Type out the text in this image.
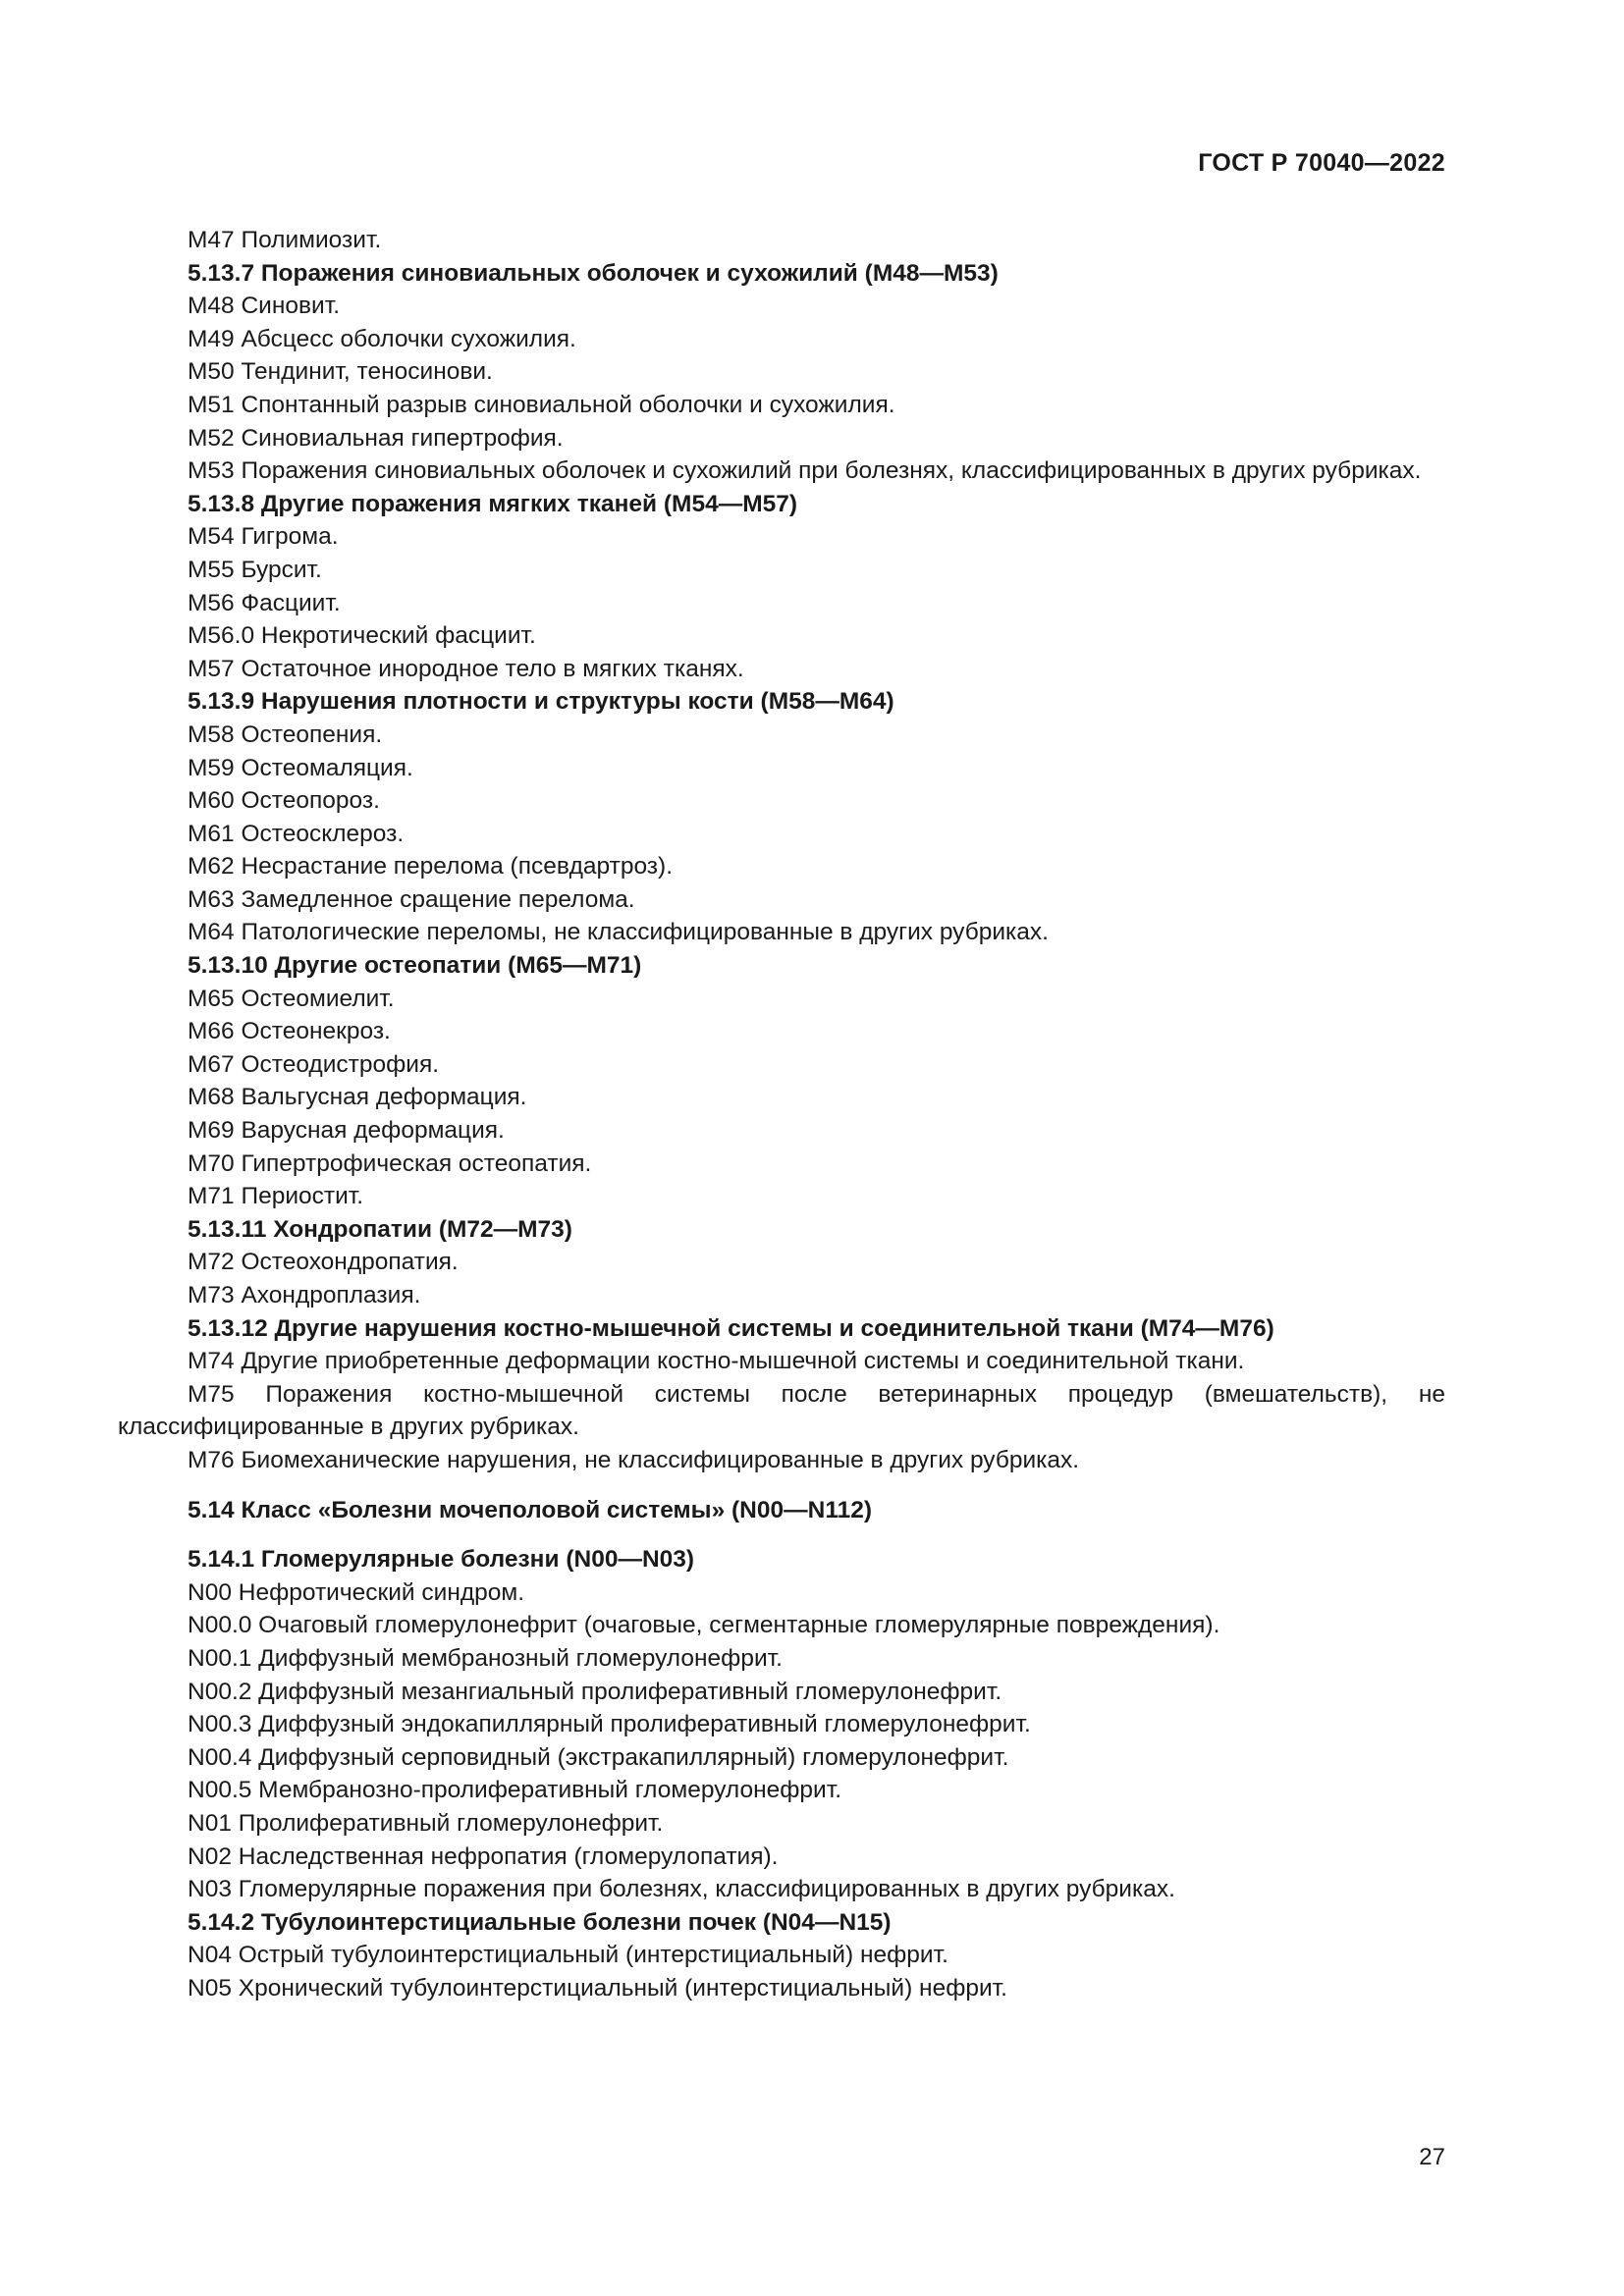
ГОСТ Р 70040—2022

M47 Полимиозит.

5.13.7 Поражения синовиальных оболочек и сухожилий (M48—M53)

M48 Синовит.

M49 Абсцесс оболочки сухожилия.

M50 Тендинит, теносинови.

M51 Спонтанный разрыв синовиальной оболочки и сухожилия.

M52 Синовиальная гипертрофия.

M53 Поражения синовиальных оболочек и сухожилий при болезнях, классифицированных в других рубриках.

5.13.8 Другие поражения мягких тканей (M54—M57)

M54 Гигрома.

M55 Бурсит.

M56 Фасциит.

M56.0 Некротический фасциит.

M57 Остаточное инородное тело в мягких тканях.

5.13.9 Нарушения плотности и структуры кости (M58—M64)

M58 Остеопения.

M59 Остеомаляция.

M60 Остеопороз.

M61 Остеосклероз.

M62 Несрастание перелома (псевдартроз).

M63 Замедленное сращение перелома.

M64 Патологические переломы, не классифицированные в других рубриках.

5.13.10 Другие остеопатии (M65—M71)

M65 Остеомиелит.

M66 Остеонекроз.

M67 Остеодистрофия.

M68 Вальгусная деформация.

M69 Варусная деформация.

M70 Гипертрофическая остеопатия.

M71 Периостит.

5.13.11 Хондропатии (M72—M73)

M72 Остеохондропатия.

M73 Ахондроплазия.

5.13.12 Другие нарушения костно-мышечной системы и соединительной ткани (M74—M76)

M74 Другие приобретенные деформации костно-мышечной системы и соединительной ткани.

M75 Поражения костно-мышечной системы после ветеринарных процедур (вмешательств), не классифицированные в других рубриках.

M76 Биомеханические нарушения, не классифицированные в других рубриках.

5.14 Класс «Болезни мочеполовой системы» (N00—N112)

5.14.1 Гломерулярные болезни (N00—N03)

N00 Нефротический синдром.

N00.0 Очаговый гломерулонефрит (очаговые, сегментарные гломерулярные повреждения).

N00.1 Диффузный мембранозный гломерулонефрит.

N00.2 Диффузный мезангиальный пролиферативный гломерулонефрит.

N00.3 Диффузный эндокапиллярный пролиферативный гломерулонефрит.

N00.4 Диффузный серповидный (экстракапиллярный) гломерулонефрит.

N00.5 Мембранозно-пролиферативный гломерулонефрит.

N01 Пролиферативный гломерулонефрит.

N02 Наследственная нефропатия (гломерулопатия).

N03 Гломерулярные поражения при болезнях, классифицированных в других рубриках.

5.14.2 Тубулоинтерстициальные болезни почек (N04—N15)

N04 Острый тубулоинтерстициальный (интерстициальный) нефрит.

N05 Хронический тубулоинтерстициальный (интерстициальный) нефрит.

27
